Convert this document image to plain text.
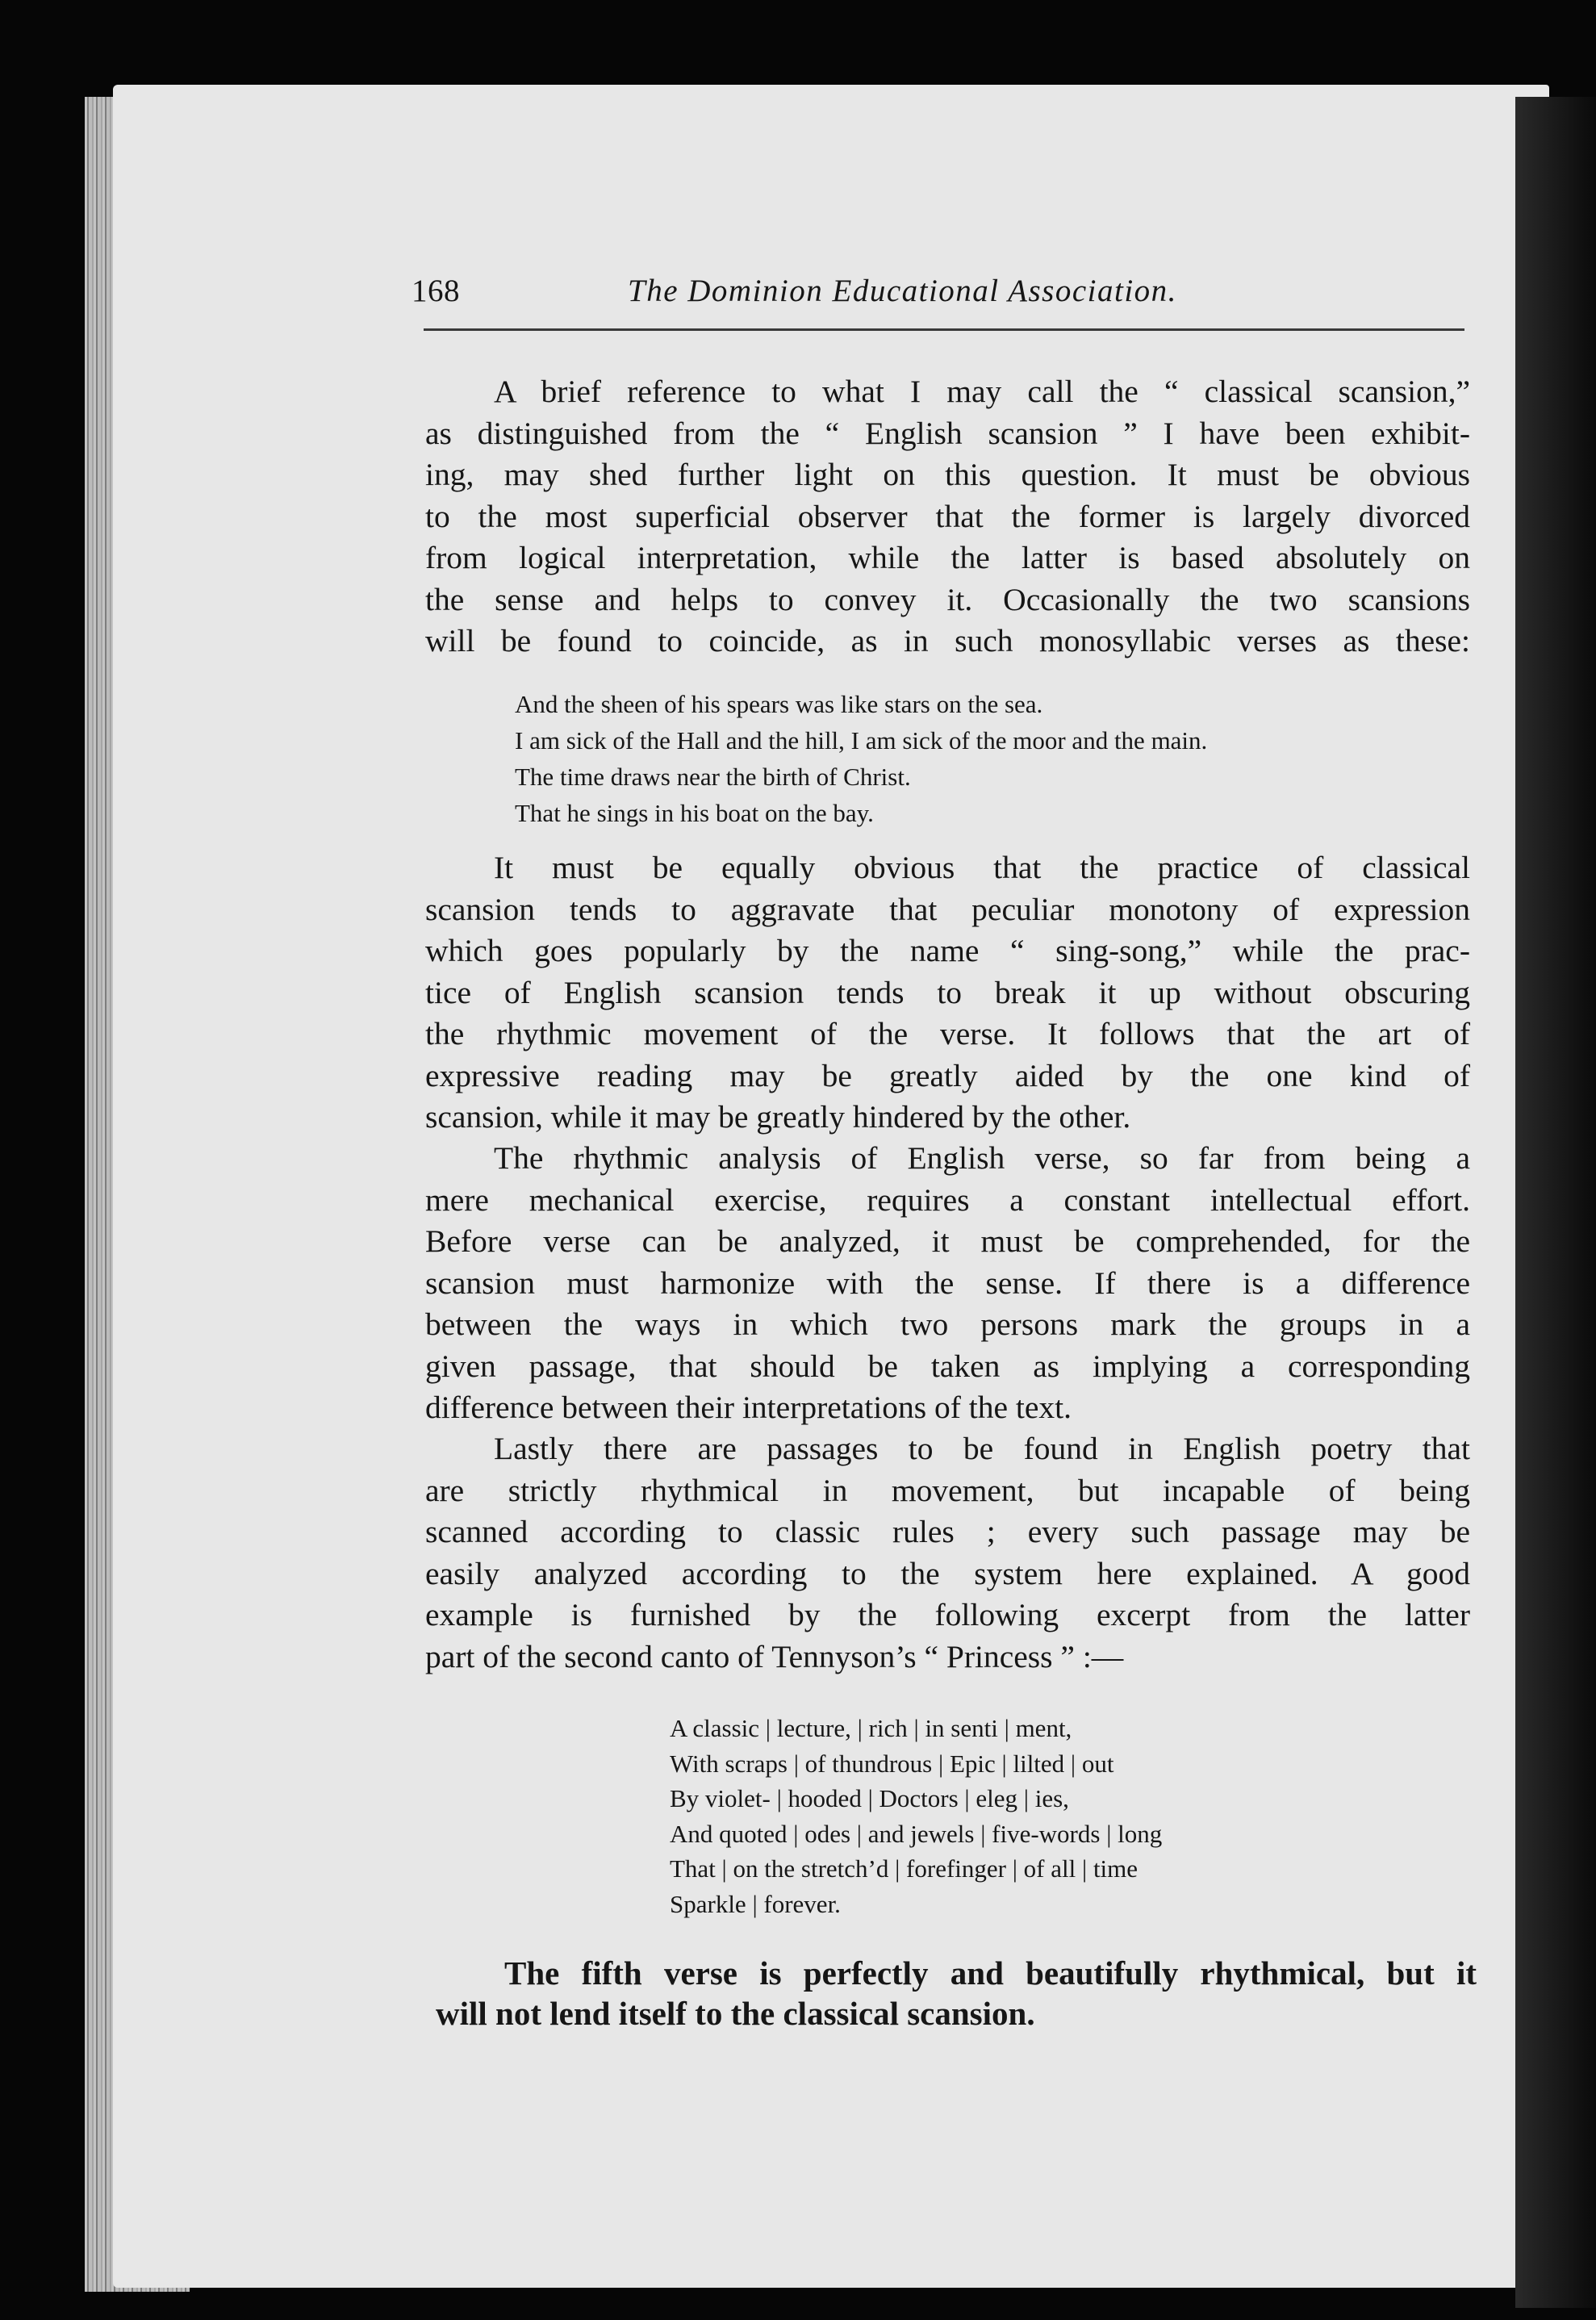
168	The Dominion Educational Association.
A brief reference to what I may call the “ classical scansion,”
as distinguished from the “ English scansion ” I have been exhibit-
ing, may shed further light on this question. It must be obvious
to the most superficial observer that the former is largely divorced
from logical interpretation, while the latter is based absolutely on
the sense and helps to convey it. Occasionally the two scansions
will be found to coincide, as in such monosyllabic verses as these:
And the sheen of his spears was like stars on the sea.
I am sick of the Hall and the hill, I am sick of the moor and the main.
The time draws near the birth of Christ.
That he sings in his boat on the bay.
It must be equally obvious that the practice of classical
scansion tends to aggravate that peculiar monotony of expression
which goes popularly by the name “ sing-song,” while the prac-
tice of English scansion tends to break it up without obscuring
the rhythmic movement of the verse. It follows that the art of
expressive reading may be greatly aided by the one kind of
scansion, while it may be greatly hindered by the other.
The rhythmic analysis of English verse, so far from being a
mere mechanical exercise, requires a constant intellectual effort.
Before verse can be analyzed, it must be comprehended, for the
scansion must harmonize with the sense. If there is a difference
between the ways in which two persons mark the groups in a
given passage, that should be taken as implying a corresponding
difference between their interpretations of the text.
Lastly there are passages to be found in English poetry that
are strictly rhythmical in movement, but incapable of being
scanned according to classic rules ; every such passage may be
easily analyzed according to the system here explained. A good
example is furnished by the following excerpt from the latter
part of the second canto of Tennyson’s “ Princess ” :—
A classic | lecture, | rich | in senti | ment,
With scraps | of thundrous | Epic | lilted | out
By violet- | hooded | Doctors | eleg | ies,
And quoted | odes | and jewels | five-words | long
That | on the stretch’d | forefinger | of all | time
Sparkle | forever.
The fifth verse is perfectly and beautifully rhythmical, but it
will not lend itself to the classical scansion.
